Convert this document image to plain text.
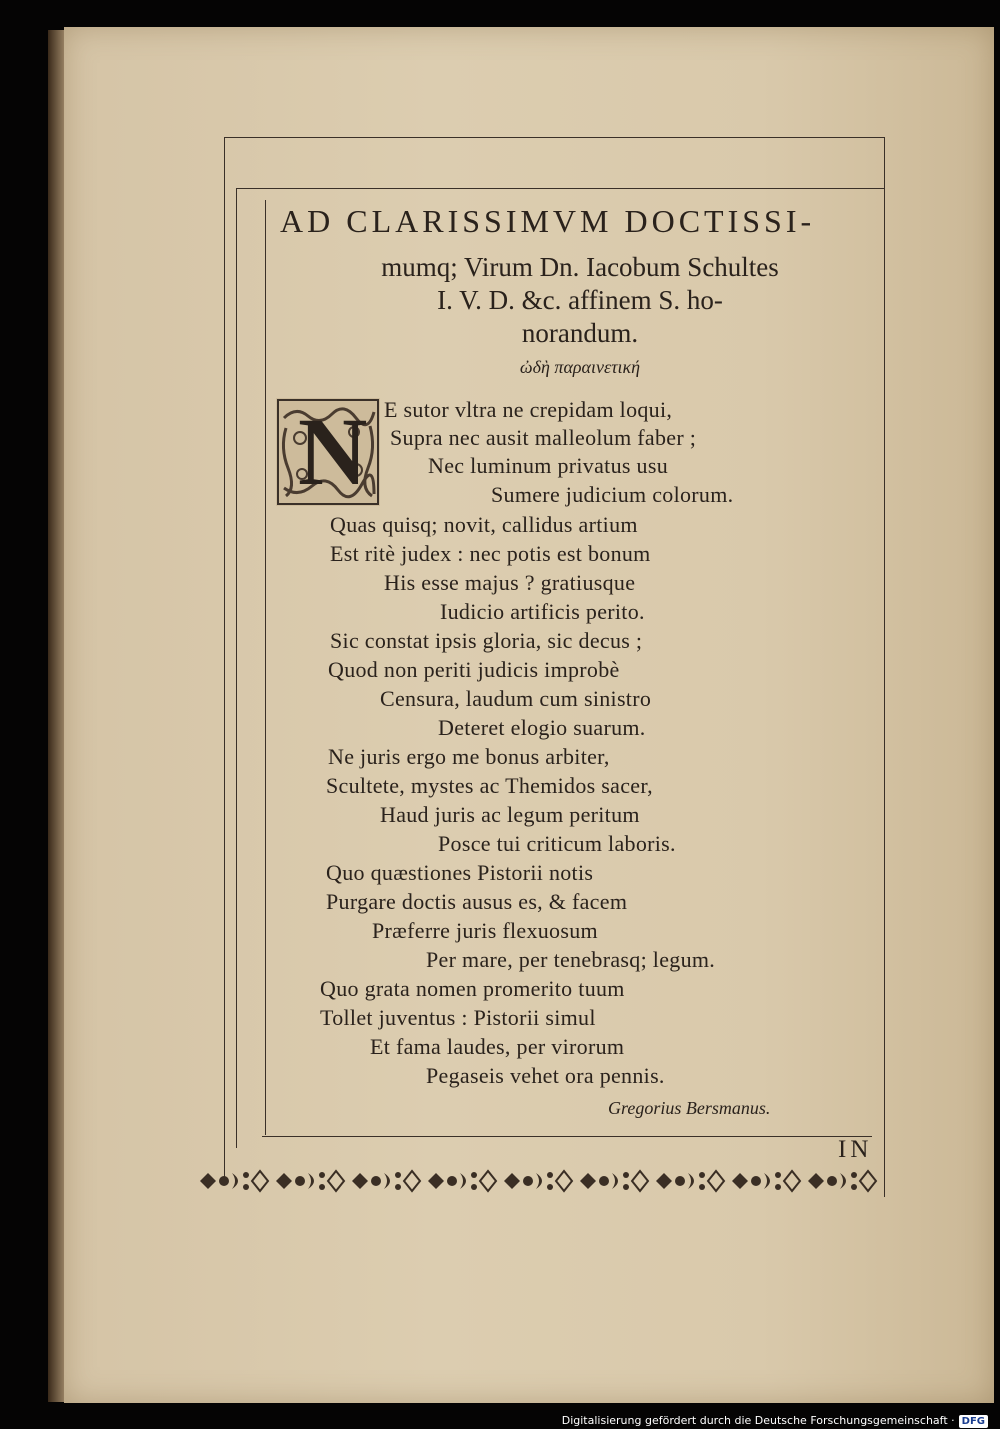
AD CLARISSIMVM DOCTISSI-
mumq; Virum Dn. Iacobum Schultes
I. V. D. &c. affinem S. ho-
norandum.
ὠδὴ παραινετική
N E sutor vltra ne crepidam loqui,
Supra nec ausit malleolum faber ;
Nec luminum privatus usu
Sumere judicium colorum.
Quas quisq; novit, callidus artium
Est ritè judex : nec potis est bonum
His esse majus ? gratiusque
Iudicio artificis perito.
Sic constat ipsis gloria, sic decus ;
Quod non periti judicis improbè
Censura, laudum cum sinistro
Deteret elogio suarum.
Ne juris ergo me bonus arbiter,
Scultete, mystes ac Themidos sacer,
Haud juris ac legum peritum
Posce tui criticum laboris.
Quo quæstiones Pistorii notis
Purgare doctis ausus es, & facem
Præferre juris flexuosum
Per mare, per tenebrasq; legum.
Quo grata nomen promerito tuum
Tollet juventus : Pistorii simul
Et fama laudes, per virorum
Pegaseis vehet ora pennis.
Gregorius Bersmanus.
IN
Digitalisierung gefördert durch die Deutsche Forschungsgemeinschaft · DFG
